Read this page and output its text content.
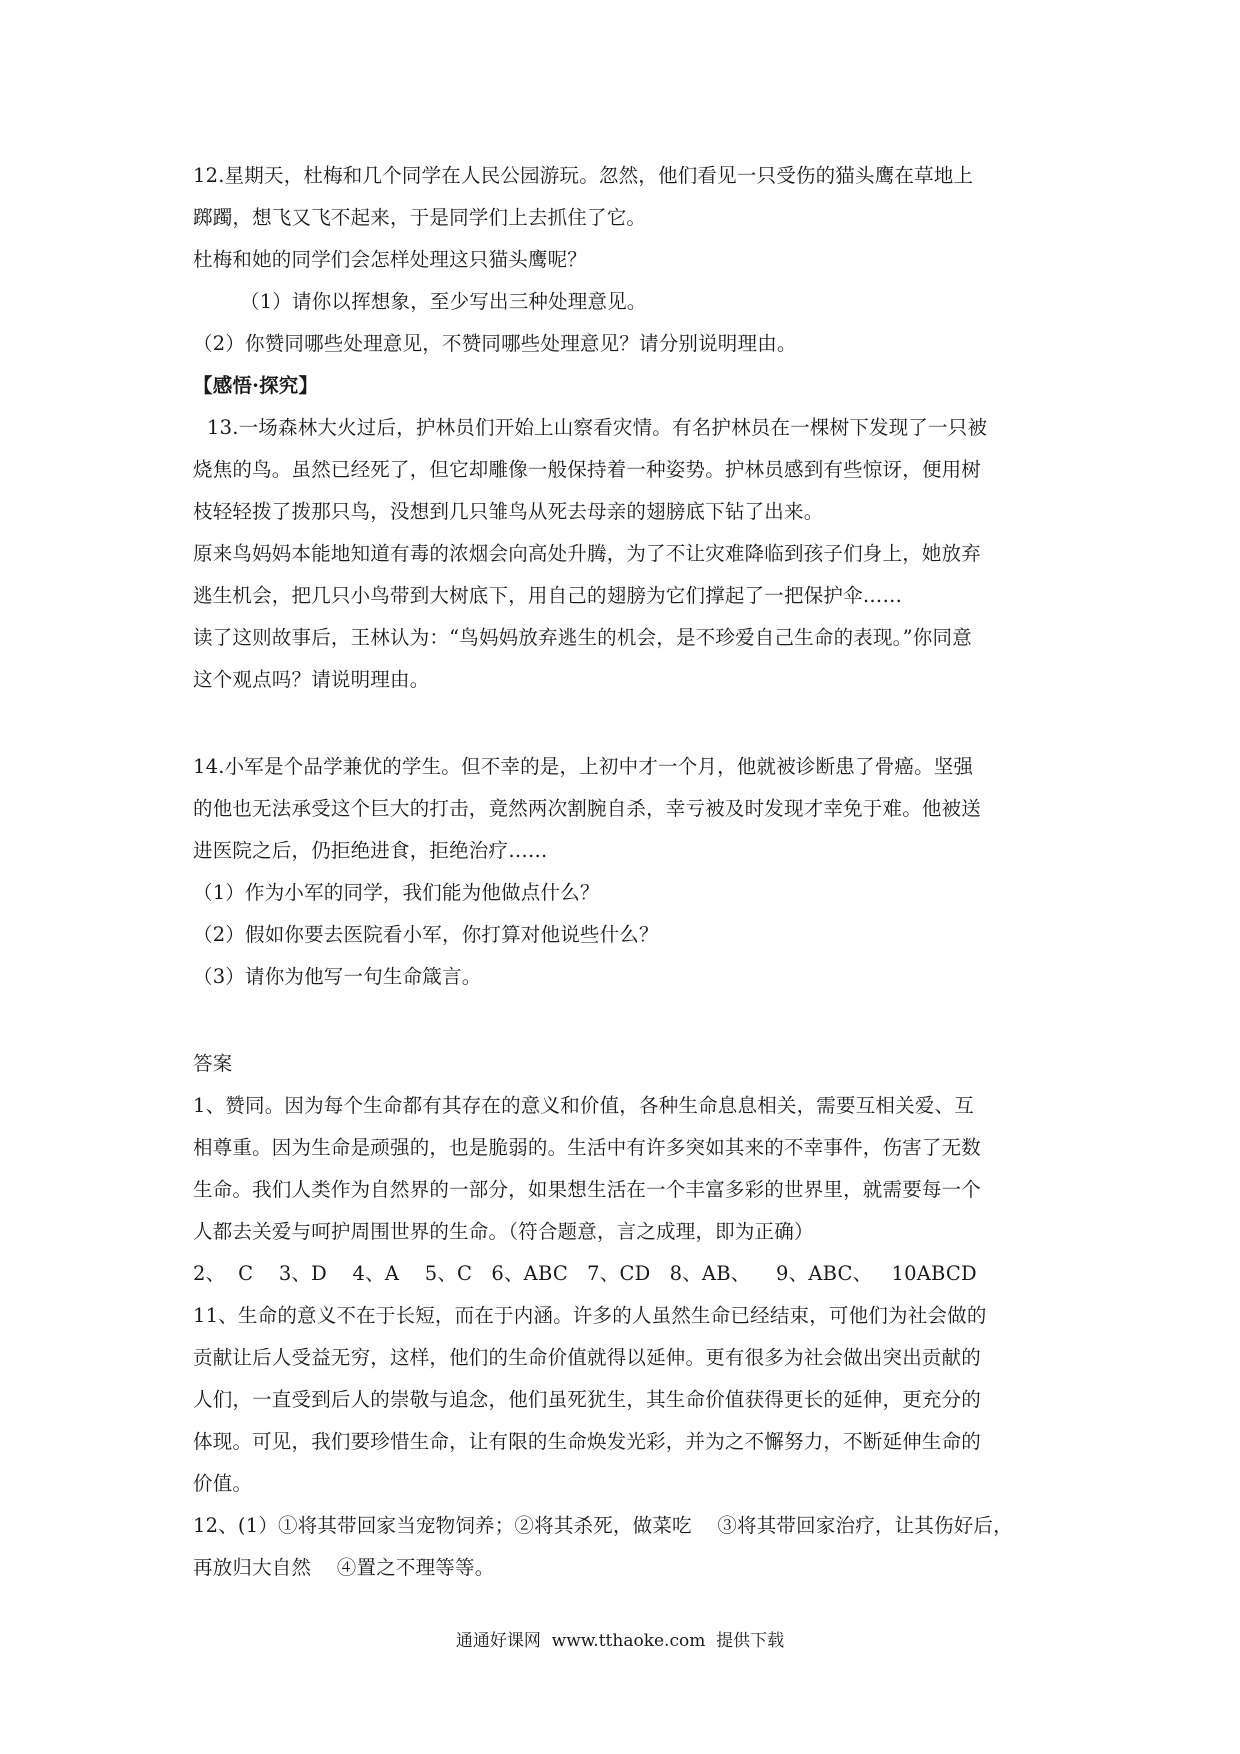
12.星期天，杜梅和几个同学在人民公园游玩。忽然，他们看见一只受伤的猫头鹰在草地上
踯躅，想飞又飞不起来，于是同学们上去抓住了它。
杜梅和她的同学们会怎样处理这只猫头鹰呢？
（1）请你以挥想象，至少写出三种处理意见。
（2）你赞同哪些处理意见，不赞同哪些处理意见？请分别说明理由。
【感悟·探究】
13.一场森林大火过后，护林员们开始上山察看灾情。有名护林员在一棵树下发现了一只被
烧焦的鸟。虽然已经死了，但它却雕像一般保持着一种姿势。护林员感到有些惊讶，便用树
枝轻轻拨了拨那只鸟，没想到几只雏鸟从死去母亲的翅膀底下钻了出来。
原来鸟妈妈本能地知道有毒的浓烟会向高处升腾，为了不让灾难降临到孩子们身上，她放弃
逃生机会，把几只小鸟带到大树底下，用自己的翅膀为它们撑起了一把保护伞……
读了这则故事后，王林认为：“鸟妈妈放弃逃生的机会，是不珍爱自己生命的表现。”你同意
这个观点吗？请说明理由。
14.小军是个品学兼优的学生。但不幸的是，上初中才一个月，他就被诊断患了骨癌。坚强
的他也无法承受这个巨大的打击，竟然两次割腕自杀，幸亏被及时发现才幸免于难。他被送
进医院之后，仍拒绝进食，拒绝治疗……
（1）作为小军的同学，我们能为他做点什么？
（2）假如你要去医院看小军，你打算对他说些什么？
（3）请你为他写一句生命箴言。
答案
1、赞同。因为每个生命都有其存在的意义和价值，各种生命息息相关，需要互相关爱、互
相尊重。因为生命是顽强的，也是脆弱的。生活中有许多突如其来的不幸事件，伤害了无数
生命。我们人类作为自然界的一部分，如果想生活在一个丰富多彩的世界里，就需要每一个
人都去关爱与呵护周围世界的生命。（符合题意，言之成理，即为正确）
2、  C    3、D    4、A    5、C   6、ABC   7、CD   8、AB、    9、ABC、   10ABCD
11、生命的意义不在于长短，而在于内涵。许多的人虽然生命已经结束，可他们为社会做的
贡献让后人受益无穷，这样，他们的生命价值就得以延伸。更有很多为社会做出突出贡献的
人们，一直受到后人的崇敬与追念，他们虽死犹生，其生命价值获得更长的延伸，更充分的
体现。可见，我们要珍惜生命，让有限的生命焕发光彩，并为之不懈努力，不断延伸生命的
价值。
12、(1）①将其带回家当宠物饲养；②将其杀死，做菜吃    ③将其带回家治疗，让其伤好后，
再放归大自然    ④置之不理等等。
通通好课网  www.tthaoke.com  提供下载
